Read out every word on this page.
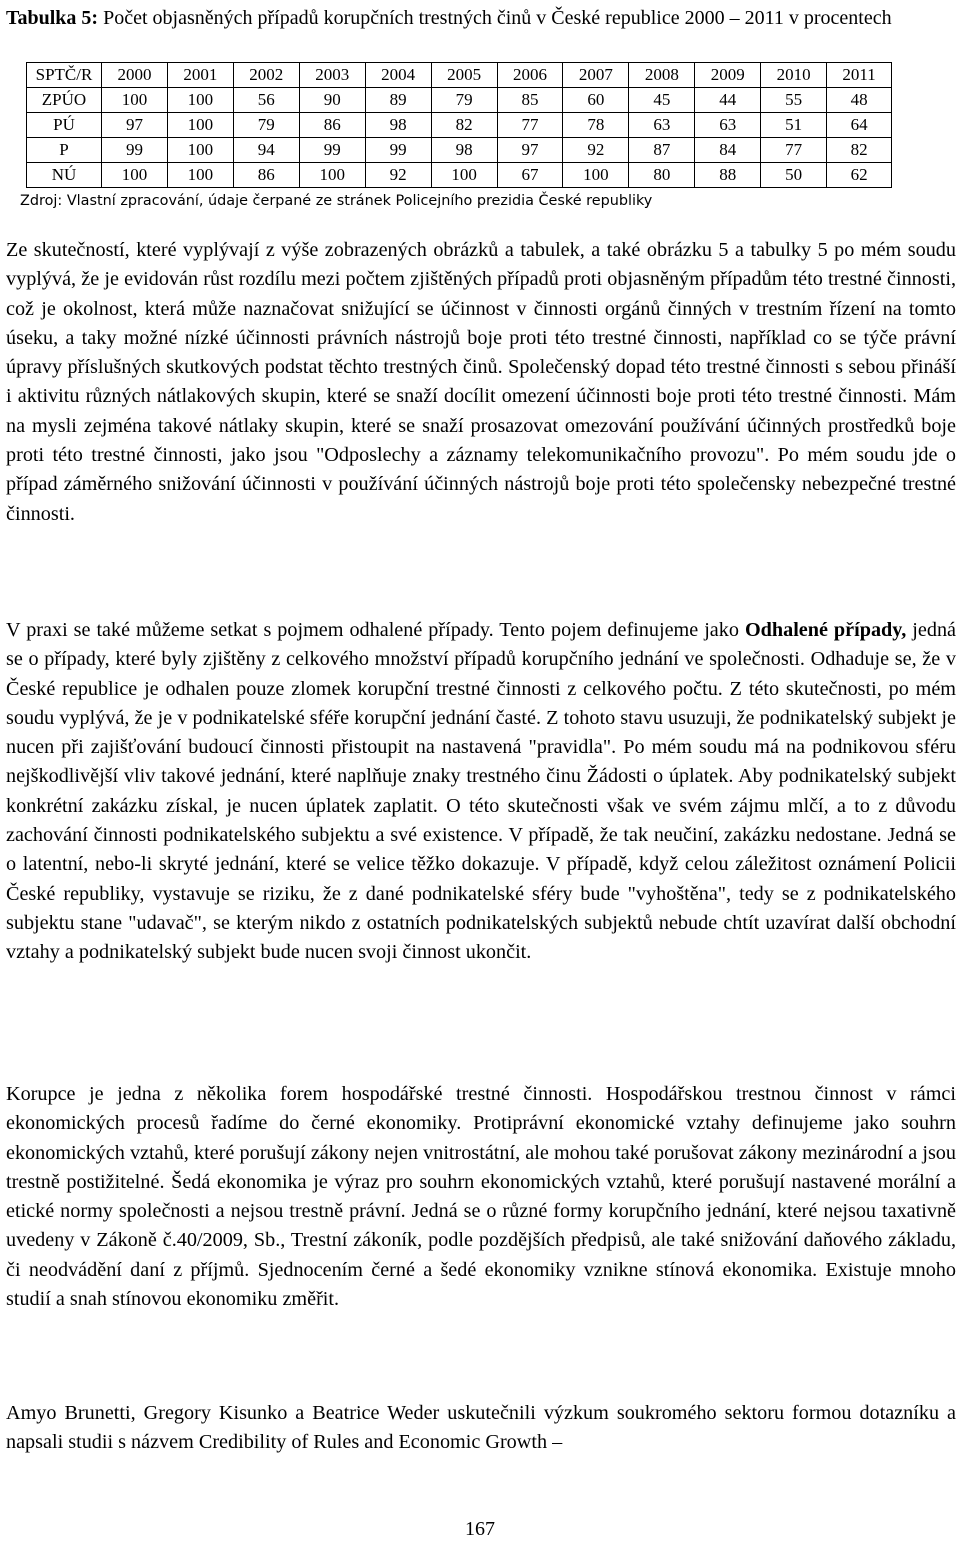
Tabulka 5: Počet objasněných případů korupčních trestných činů v České republice 2000 – 2011 v procentech
SPTČ/R	2000	2001	2002	2003	2004	2005	2006	2007	2008	2009	2010	2011
ZPÚO	100	100	56	90	89	79	85	60	45	44	55	48
PÚ	97	100	79	86	98	82	77	78	63	63	51	64
P	99	100	94	99	99	98	97	92	87	84	77	82
NÚ	100	100	86	100	92	100	67	100	80	88	50	62
Zdroj: Vlastní zpracování, údaje čerpané ze stránek Policejního prezidia České republiky
Ze skutečností, které vyplývají z výše zobrazených obrázků a tabulek, a také obrázku 5 a tabulky 5 po mém soudu vyplývá, že je evidován růst rozdílu mezi počtem zjištěných případů proti objasněným případům této trestné činnosti, což je okolnost, která může naznačovat snižující se účinnost v činnosti orgánů činných v trestním řízení na tomto úseku, a taky možné nízké účinnosti právních nástrojů boje proti této trestné činnosti, například co se týče právní úpravy příslušných skutkových podstat těchto trestných činů. Společenský dopad této trestné činnosti s sebou přináší i aktivitu různých nátlakových skupin, které se snaží docílit omezení účinnosti boje proti této trestné činnosti. Mám na mysli zejména takové nátlaky skupin, které se snaží prosazovat omezování používání účinných prostředků boje proti této trestné činnosti, jako jsou "Odposlechy a záznamy telekomunikačního provozu". Po mém soudu jde o případ záměrného snižování účinnosti v používání účinných nástrojů boje proti této společensky nebezpečné trestné činnosti.
V praxi se také můžeme setkat s pojmem odhalené případy. Tento pojem definujeme jako Odhalené případy, jedná se o případy, které byly zjištěny z celkového množství případů korupčního jednání ve společnosti. Odhaduje se, že v České republice je odhalen pouze zlomek korupční trestné činnosti z celkového počtu. Z této skutečnosti, po mém soudu vyplývá, že je v podnikatelské sféře korupční jednání časté. Z tohoto stavu usuzuji, že podnikatelský subjekt je nucen při zajišťování budoucí činnosti přistoupit na nastavená "pravidla". Po mém soudu má na podnikovou sféru nejškodlivější vliv takové jednání, které naplňuje znaky trestného činu Žádosti o úplatek. Aby podnikatelský subjekt konkrétní zakázku získal, je nucen úplatek zaplatit. O této skutečnosti však ve svém zájmu mlčí, a to z důvodu zachování činnosti podnikatelského subjektu a své existence. V případě, že tak neučiní, zakázku nedostane. Jedná se o latentní, nebo-li skryté jednání, které se velice těžko dokazuje. V případě, když celou záležitost oznámení Policii České republiky, vystavuje se riziku, že z dané podnikatelské sféry bude "vyhoštěna", tedy se z podnikatelského subjektu stane "udavač", se kterým nikdo z ostatních podnikatelských subjektů nebude chtít uzavírat další obchodní vztahy a podnikatelský subjekt bude nucen svoji činnost ukončit.
Korupce je jedna z několika forem hospodářské trestné činnosti. Hospodářskou trestnou činnost v rámci ekonomických procesů řadíme do černé ekonomiky. Protiprávní ekonomické vztahy definujeme jako souhrn ekonomických vztahů, které porušují zákony nejen vnitrostátní, ale mohou také porušovat zákony mezinárodní a jsou trestně postižitelné. Šedá ekonomika je výraz pro souhrn ekonomických vztahů, které porušují nastavené morální a etické normy společnosti a nejsou trestně právní. Jedná se o různé formy korupčního jednání, které nejsou taxativně uvedeny v Zákoně č.40/2009, Sb., Trestní zákoník, podle pozdějších předpisů, ale také snižování daňového základu, či neodvádění daní z příjmů. Sjednocením černé a šedé ekonomiky vznikne stínová ekonomika. Existuje mnoho studií a snah stínovou ekonomiku změřit.
Amyo Brunetti, Gregory Kisunko a Beatrice Weder uskutečnili výzkum soukromého sektoru formou dotazníku a napsali studii s názvem Credibility of Rules and Economic Growth –
167
